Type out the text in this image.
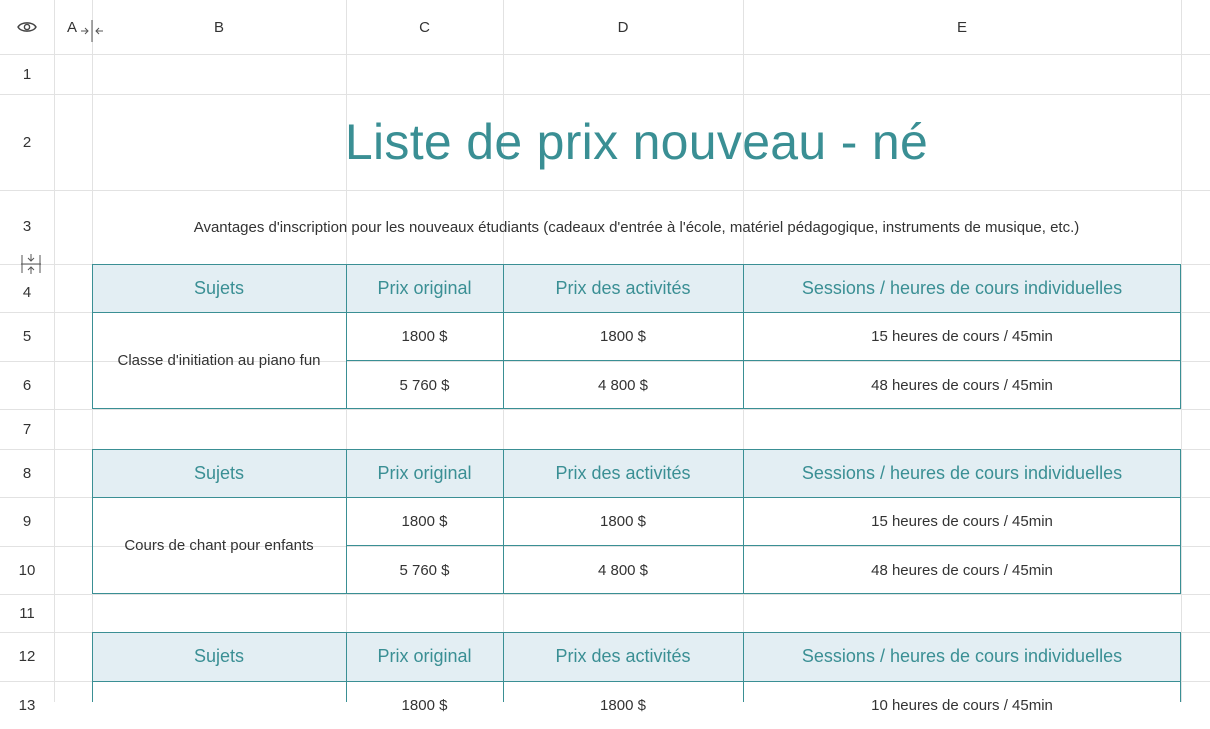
A	B	C	D	E
1
2
3
4
5
6
7
8
9
10
11
12
13
Liste de prix nouveau - né
Avantages d'inscription pour les nouveaux étudiants (cadeaux d'entrée à l'école, matériel pédagogique, instruments de musique, etc.)
Sujets	Prix original	Prix des activités	Sessions / heures de cours individuelles
Classe d'initiation au piano fun
1800 $	1800 $	15 heures de cours / 45min
5 760 $	4 800 $	48 heures de cours / 45min
Sujets	Prix original	Prix des activités	Sessions / heures de cours individuelles
Cours de chant pour enfants
1800 $	1800 $	15 heures de cours / 45min
5 760 $	4 800 $	48 heures de cours / 45min
Sujets	Prix original	Prix des activités	Sessions / heures de cours individuelles
1800 $	1800 $	10 heures de cours / 45min
